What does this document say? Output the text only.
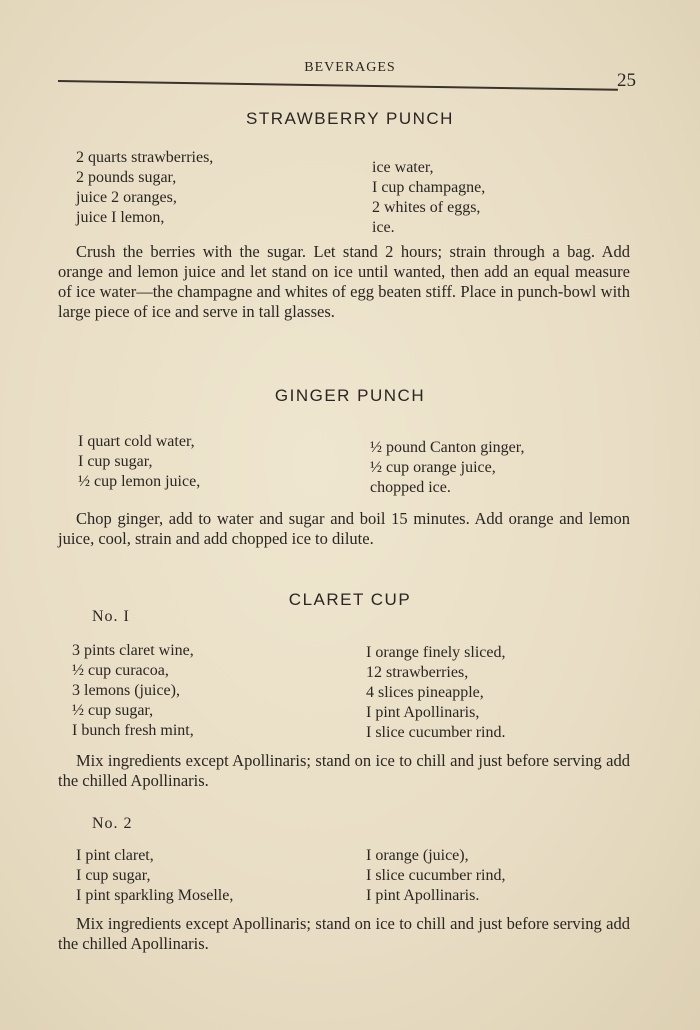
BEVERAGES
25
STRAWBERRY PUNCH
2 quarts strawberries,
2 pounds sugar,
juice 2 oranges,
juice I lemon,
ice water,
I cup champagne,
2 whites of eggs,
ice.

Crush the berries with the sugar. Let stand 2 hours; strain through a bag. Add orange and lemon juice and let stand on ice until wanted, then add an equal measure of ice water—the champagne and whites of egg beaten stiff. Place in punch-bowl with large piece of ice and serve in tall glasses.

GINGER PUNCH
I quart cold water,
I cup sugar,
½ cup lemon juice,
½ pound Canton ginger,
½ cup orange juice,
chopped ice.

Chop ginger, add to water and sugar and boil 15 minutes. Add orange and lemon juice, cool, strain and add chopped ice to dilute.

CLARET CUP
No. I
3 pints claret wine,
½ cup curacoa,
3 lemons (juice),
½ cup sugar,
I bunch fresh mint,
I orange finely sliced,
12 strawberries,
4 slices pineapple,
I pint Apollinaris,
I slice cucumber rind.

Mix ingredients except Apollinaris; stand on ice to chill and just before serving add the chilled Apollinaris.

No. 2
I pint claret,
I cup sugar,
I pint sparkling Moselle,
I orange (juice),
I slice cucumber rind,
I pint Apollinaris.

Mix ingredients except Apollinaris; stand on ice to chill and just before serving add the chilled Apollinaris.
